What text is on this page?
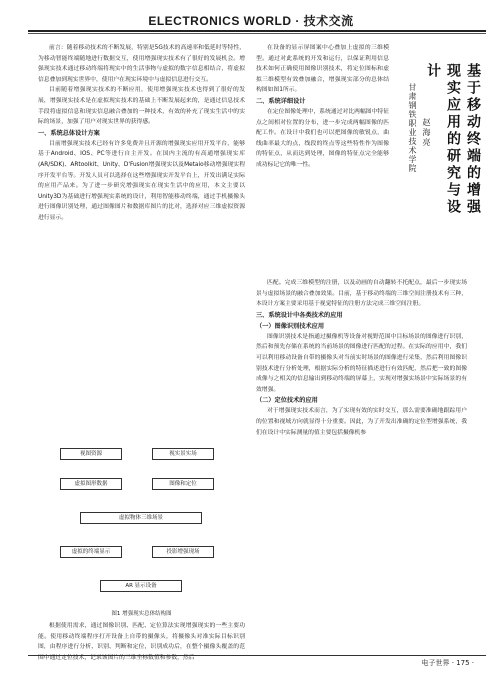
ELECTRONICS WORLD · 技术交流

前言：随着移动技术的不断发展，特别是5G技术的高速率和低延时等特性，为移动智能终端随地进行数据交互，使用增强现实技术有了很好的发展机会。增强现实技术通过移动终端将现实中的生活事物与虚拟的数字信息相结合，将虚拟信息叠加到现实世界中，使用户在现实环境中与虚拟信息进行交互。

目前随着增强现实技术的不断应用，使用增强现实技术也得到了很好的发展，增强现实技术是在虚拟现实技术的基础上不断发展起来的，是通过信息技术手段将虚拟信息和现实信息融合叠加的一种技术，有效的补充了现实生活中的实际的场景，加强了用户对现实世界的获得感。

一、系统总体设计方案

目前增强现实技术已经有许多免费并且开源的增强现实应用开发平台，能够基于Android、IOS、PC等进行自主开发。在国内主流的有高通增强现实库(AR/SDK)、ARtoolkit、Unity、D'Fusion增强现实以及Metaio移动增强现实程序开发平台等。开发人员可以选择在这些增强现实开发平台上，开发出满足实际的应用产品来。为了进一步研究增强现实在现实生活中的应用，本文主要以Unity3D为基础进行增强现实系统的设计，利用智能移动终端，通过手机摄像头进行图像识别处理，通过图像图片和数据库图片的比对，选择对应三维虚拟资源进行显示。

在设备的显示屏图案中心叠加上虚拟的三维模型。通过对此系统的开发和运行，以保证利用信息技术如何正确使用图像识别技术，将定位图标和虚拟三维模型有效叠加融合，增强现实部分的总体结构图如图1所示。

二、系统详细设计

在定位图像处理中，系统通过对比两幅图中特征点之间相对位置的分布，进一步完成两幅图像的匹配工作。在设计中我们也可以把图像的敏锐点，曲线曲率最大的点，线段的终点等这些特性作为图像的特征点，从而达到处理，图像的特征点完全能够成功标记它的唯一性。	基于移动终端的增强现实应用的研究与设计
甘肃钢铁职业技术学院 赵海亮

匹配。完成三维模型的注册，以及动画的自动翻转不托配点，最后一步现实场景与虚拟场景的融合叠加效果。目前，基于移动终端的三维空间注册技术有三种，本设计方案主要采用基于视觉特征的注册方法完成三维空间注册。

三、系统设计中各类技术的应用
（一）图像识别技术应用

图像识别技术是指通过摄像机等设备对视野范围中目标场景的图像进行识别，然后和预先存储在系统的当前场景的图像进行匹配的过程。在实际的应用中，我们可以利用移动设备自带的摄像头对当前实时场景的图像进行采集，然后利用图像识别技术进行分析处理，根据实际分析的特征描述进行有效匹配，然后把一致的图像成像与之相关的信息输出到移动终端的屏幕上，实现对增强实场景中实际场景的有效增强。

（二）定位技术的应用

对于增强现实技术而言，为了实现有效的实时交互，那么需要准确地跟踪用户的位置和视域方向就显得十分重要。因此，为了开发出准确的定位型增强系统，我们在设计中实际测量的值主要包括摄像机参

视图资源	视实景实场
虚拟图形数据	图像和定位
虚拟物体三维场景
虚拟的终端显示	投影增强现场
AR 显示设备
图1 增强现实总体结构图

根据使用需求，通过图像识别、匹配、定位算法实现增强现实的一些主要功能。使用移动终端程序打开设备上自带的摄像头，将摄像头对准实际目标识别图，由程序进行分析、识别、判断和定位，识别成功后，在整个摄像头覆盖的范围中通过定位技术，记录该图片的三维坐标数值和参数，然后

电子世界 · 175 ·
